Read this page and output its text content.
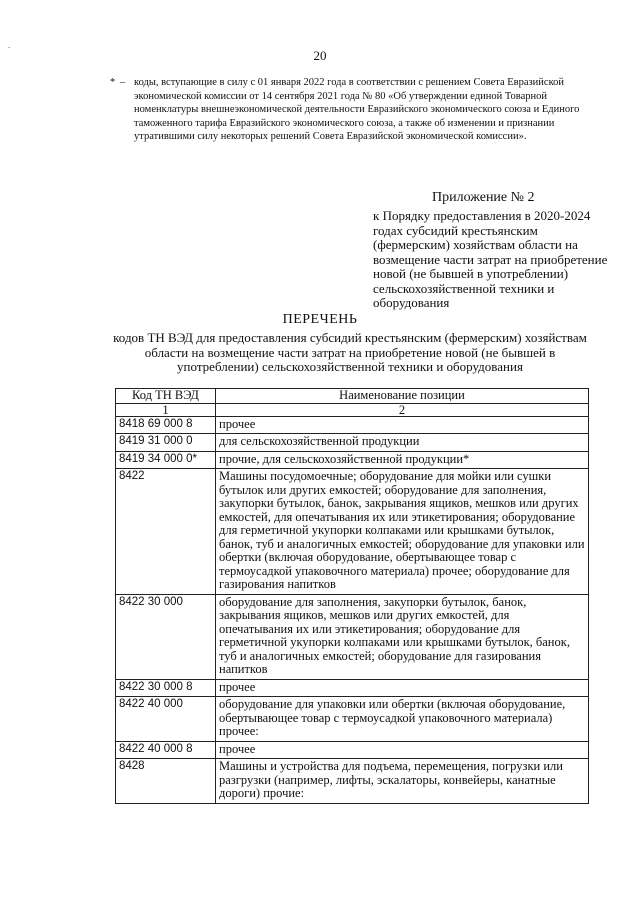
.
20
* – коды, вступающие в силу с 01 января 2022 года в соответствии с решением Совета Евразийской экономической комиссии от 14 сентября 2021 года № 80 «Об утверждении единой Товарной номенклатуры внешнеэкономической деятельности Евразийского экономического союза и Единого таможенного тарифа Евразийского экономического союза, а также об изменении и признании утратившими силу некоторых решений Совета Евразийской экономической комиссии».
Приложение № 2
к Порядку предоставления в 2020-2024 годах субсидий крестьянским (фермерским) хозяйствам области на возмещение части затрат на приобретение новой (не бывшей в употреблении) сельскохозяйственной техники и оборудования
ПЕРЕЧЕНЬ
кодов ТН ВЭД для предоставления субсидий крестьянским (фермерским) хозяйствам области на возмещение части затрат на приобретение новой (не бывшей в употреблении) сельскохозяйственной техники и оборудования
Код ТН ВЭД	Наименование позиции
1	2
8418 69 000 8	прочее
8419 31 000 0	для сельскохозяйственной продукции
8419 34 000 0*	прочие, для сельскохозяйственной продукции*
8422	Машины посудомоечные; оборудование для мойки или сушки бутылок или других емкостей; оборудование для заполнения, закупорки бутылок, банок, закрывания ящиков, мешков или других емкостей, для опечатывания их или этикетирования; оборудование для герметичной укупорки колпаками или крышками бутылок, банок, туб и аналогичных емкостей; оборудование для упаковки или обертки (включая оборудование, обертывающее товар с термоусадкой упаковочного материала) прочее; оборудование для газирования напитков
8422 30 000	оборудование для заполнения, закупорки бутылок, банок, закрывания ящиков, мешков или других емкостей, для опечатывания их или этикетирования; оборудование для герметичной укупорки колпаками или крышками бутылок, банок, туб и аналогичных емкостей; оборудование для газирования напитков
8422 30 000 8	прочее
8422 40 000	оборудование для упаковки или обертки (включая оборудование, обертывающее товар с термоусадкой упаковочного материала) прочее:
8422 40 000 8	прочее
8428	Машины и устройства для подъема, перемещения, погрузки или разгрузки (например, лифты, эскалаторы, конвейеры, канатные дороги) прочие:
